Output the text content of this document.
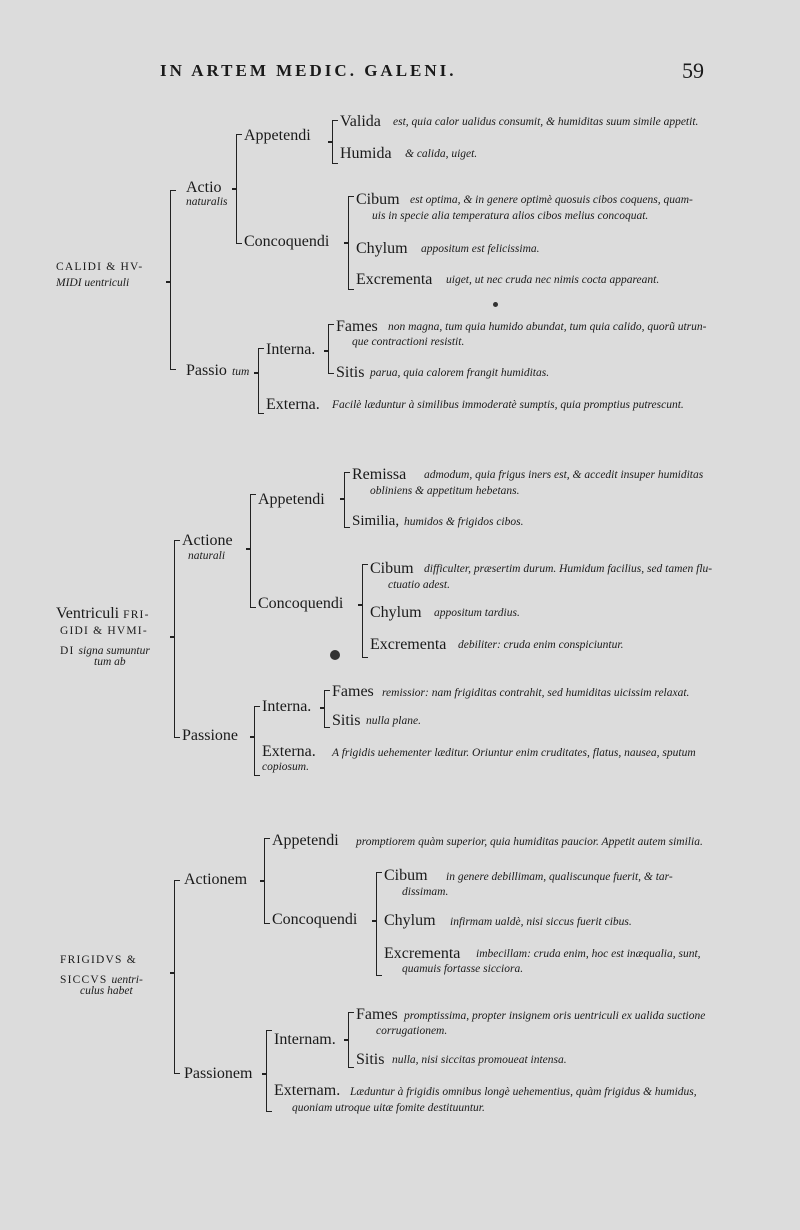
IN ARTEM MEDIC. GALENI.	59
CALIDI & HV-
MIDI uentriculi
Actio
naturalis
Appetendi
Valida est, quia calor ualidus consumit, & humiditas suum simile appetit.
Humida & calida, uiget.
Concoquendi
Cibum est optima, & in genere optimè quosuis cibos coquens, quam-
uis in specie alia temperatura alios cibos melius concoquat.
Chylum appositum est felicissima.
Excrementa uiget, ut nec cruda nec nimis cocta appareant.
Passio tum
Interna.
Fames non magna, tum quia humido abundat, tum quia calido, quorũ utrun-
que contractioni resistit.
Sitis parua, quia calorem frangit humiditas.
Externa. Facilè læduntur à similibus immoderatè sumptis, quia promptius putrescunt.
Ventriculi FRI-
GIDI & HVMI-
DI signa sumuntur
tum ab
Actione
naturali
Appetendi
Remissa admodum, quia frigus iners est, & accedit insuper humiditas
obliniens & appetitum hebetans.
Similia, humidos & frigidos cibos.
Concoquendi
Cibum difficulter, præsertim durum. Humidum facilius, sed tamen flu-
ctuatio adest.
Chylum appositum tardius.
Excrementa debiliter: cruda enim conspiciuntur.
Passione
Interna.
Fames remissior: nam frigiditas contrahit, sed humiditas uicissim relaxat.
Sitis nulla plane.
Externa. A frigidis uehementer læditur. Oriuntur enim cruditates, flatus, nausea, sputum
copiosum.
FRIGIDVS &
SICCVS uentri-
culus habet
Actionem
Appetendi promptiorem quàm superior, quia humiditas paucior. Appetit autem similia.
Concoquendi
Cibum in genere debillimam, qualiscunque fuerit, & tar-
dissimam.
Chylum infirmam ualdè, nisi siccus fuerit cibus.
Excrementa imbecillam: cruda enim, hoc est inæqualia, sunt,
quamuis fortasse sicciora.
Passionem
Internam.
Fames promptissima, propter insignem oris uentriculi ex ualida suctione
corrugationem.
Sitis nulla, nisi siccitas promoueat intensa.
Externam. Læduntur à frigidis omnibus longè uehementius, quàm frigidus & humidus,
quoniam utroque uitæ fomite destituuntur.
